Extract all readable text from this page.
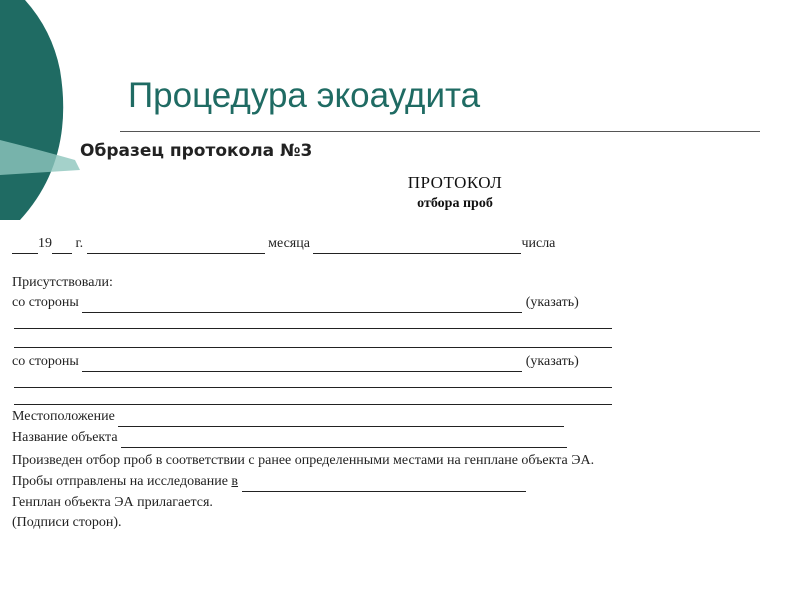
Процедура экоаудита
Образец протокола №3
ПРОТОКОЛ
отбора проб
19 г.	месяца	числа
Присутствовали:
со стороны	(указать)
со стороны	(указать)
Местоположение
Название объекта
Произведен отбор проб в соответствии с ранее определенными местами на генплане объекта ЭА.
Пробы отправлены на исследование в
Генплан объекта ЭА прилагается.
(Подписи сторон).
